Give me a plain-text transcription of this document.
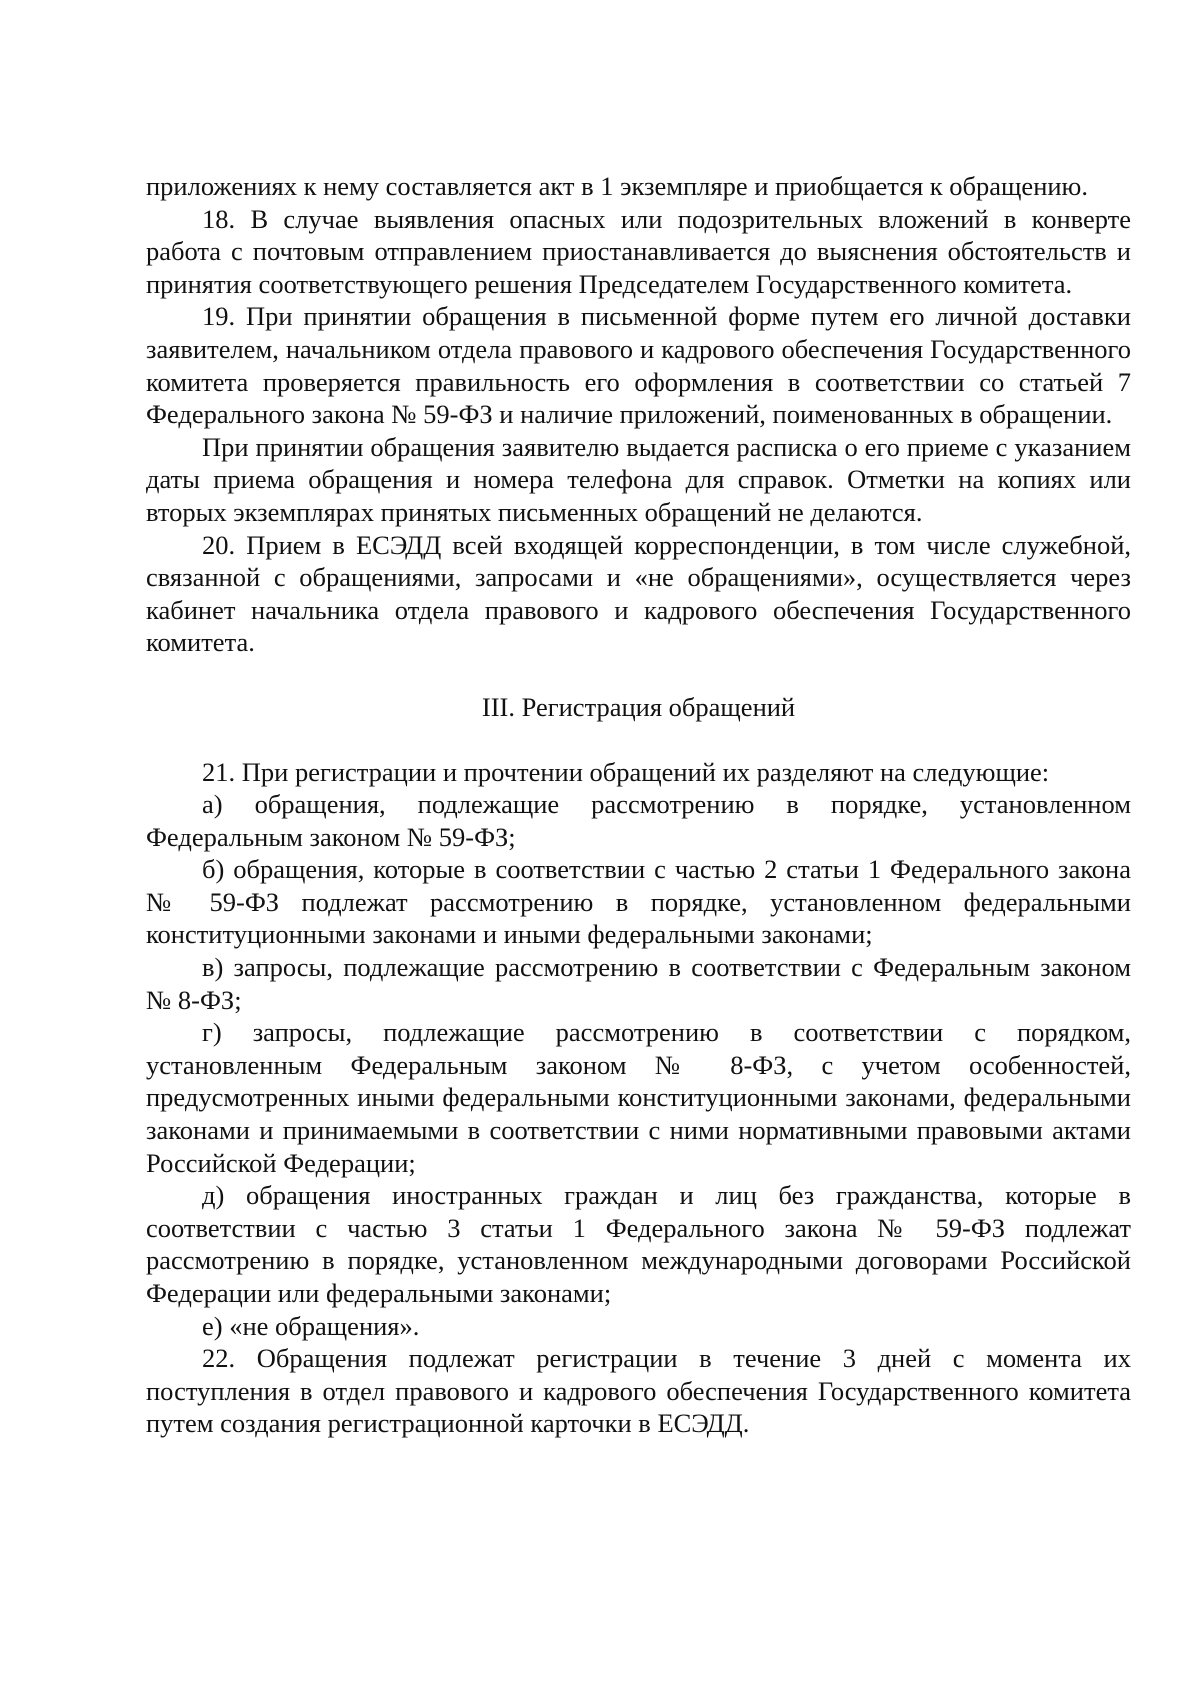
приложениях к нему составляется акт в 1 экземпляре и приобщается к обращению.

18. В случае выявления опасных или подозрительных вложений в конверте работа с почтовым отправлением приостанавливается до выяснения обстоятельств и принятия соответствующего решения Председателем Государственного комитета.

19. При принятии обращения в письменной форме путем его личной доставки заявителем, начальником отдела правового и кадрового обеспечения Государственного комитета проверяется правильность его оформления в соответствии со статьей 7 Федерального закона № 59-ФЗ и наличие приложений, поименованных в обращении.

При принятии обращения заявителю выдается расписка о его приеме с указанием даты приема обращения и номера телефона для справок. Отметки на копиях или вторых экземплярах принятых письменных обращений не делаются.

20. Прием в ЕСЭДД всей входящей корреспонденции, в том числе служебной, связанной с обращениями, запросами и «не обращениями», осуществляется через кабинет начальника отдела правового и кадрового обеспечения Государственного комитета.

III. Регистрация обращений

21. При регистрации и прочтении обращений их разделяют на следующие:

а) обращения, подлежащие рассмотрению в порядке, установленном Федеральным законом № 59-ФЗ;

б) обращения, которые в соответствии с частью 2 статьи 1 Федерального закона № 59-ФЗ подлежат рассмотрению в порядке, установленном федеральными конституционными законами и иными федеральными законами;

в) запросы, подлежащие рассмотрению в соответствии с Федеральным законом № 8-ФЗ;

г) запросы, подлежащие рассмотрению в соответствии с порядком, установленным Федеральным законом № 8-ФЗ, с учетом особенностей, предусмотренных иными федеральными конституционными законами, федеральными законами и принимаемыми в соответствии с ними нормативными правовыми актами Российской Федерации;

д) обращения иностранных граждан и лиц без гражданства, которые в соответствии с частью 3 статьи 1 Федерального закона № 59-ФЗ подлежат рассмотрению в порядке, установленном международными договорами Российской Федерации или федеральными законами;

е) «не обращения».

22. Обращения подлежат регистрации в течение 3 дней с момента их поступления в отдел правового и кадрового обеспечения Государственного комитета путем создания регистрационной карточки в ЕСЭДД.
